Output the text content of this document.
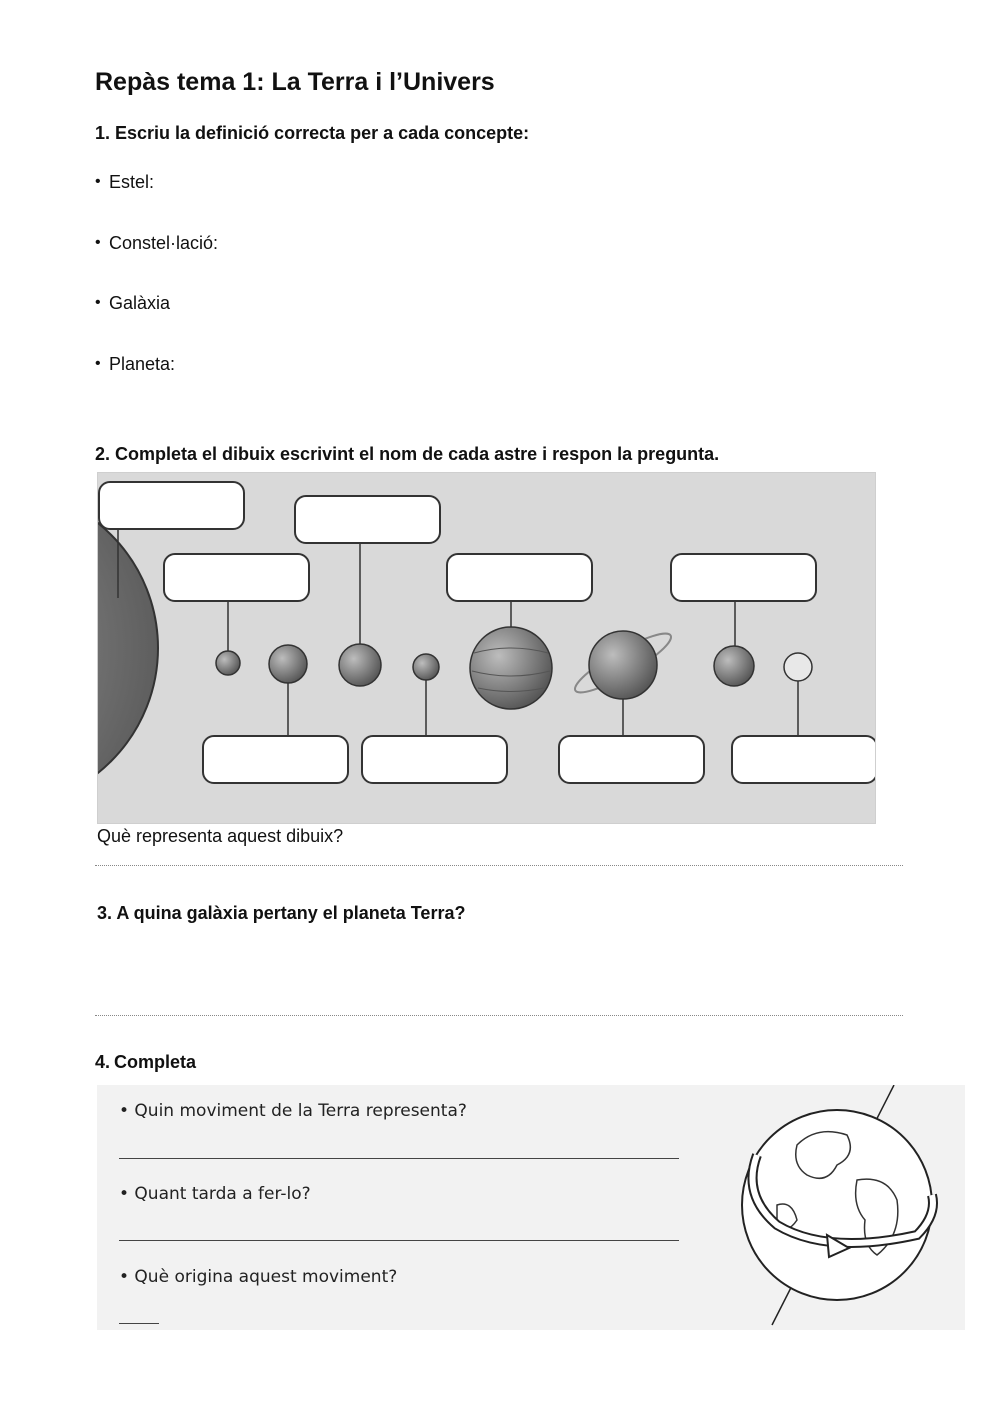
Repàs tema 1: La Terra i l’Univers
1. Escriu la definició correcta per a cada concepte:
• Estel:
• Constel·lació:
• Galàxia
• Planeta:
2. Completa el dibuix escrivint el nom de cada astre i respon la pregunta.
Què representa aquest dibuix?
3. A quina galàxia pertany el planeta Terra?
4. Completa
• Quin moviment de la Terra representa?
• Quant tarda a fer-lo?
• Què origina aquest moviment?
